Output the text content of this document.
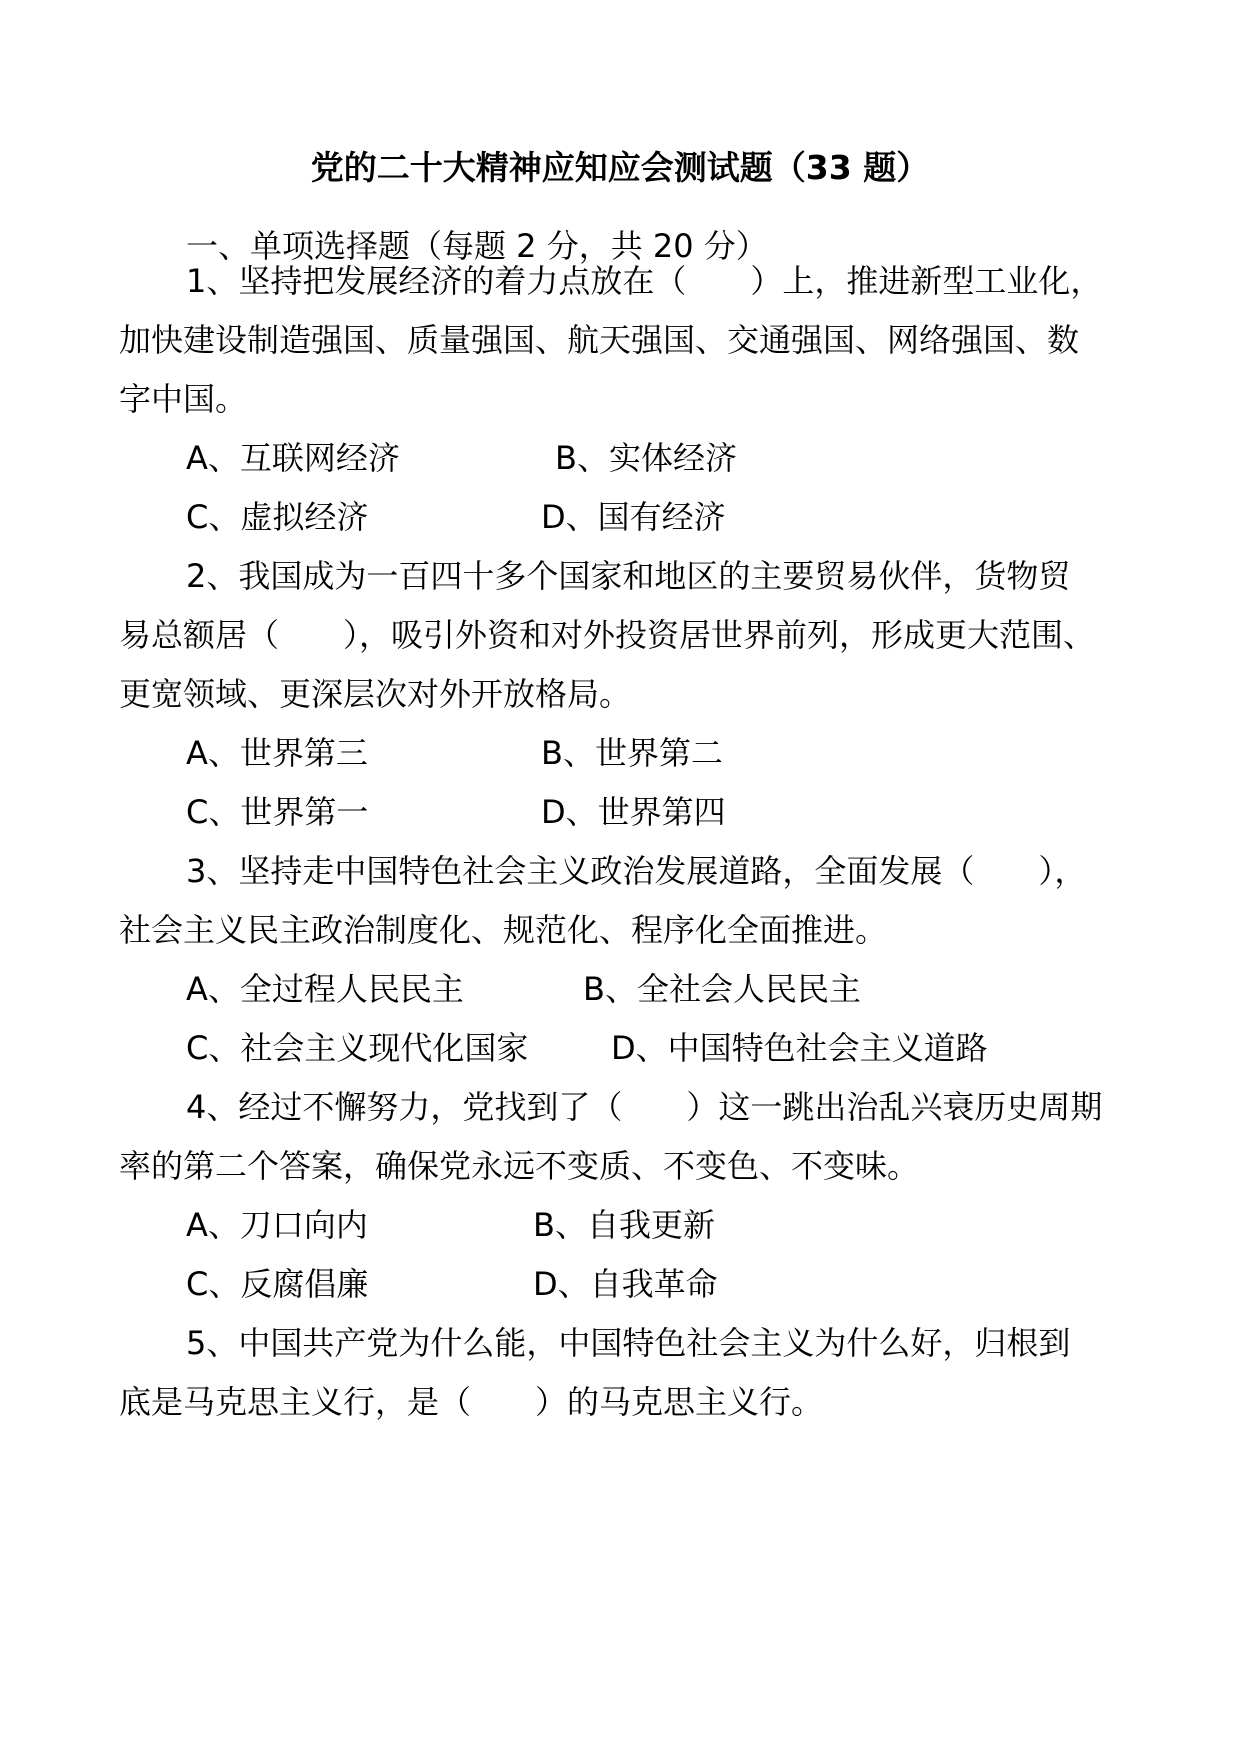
党的二十大精神应知应会测试题（33 题）
一、单项选择题（每题 2 分，共 20 分）
1、坚持把发展经济的着力点放在（　　）上，推进新型工业化，
加快建设制造强国、质量强国、航天强国、交通强国、网络强国、数
字中国。
A、互联网经济	B、实体经济
C、虚拟经济	D、国有经济
2、我国成为一百四十多个国家和地区的主要贸易伙伴，货物贸
易总额居（　　），吸引外资和对外投资居世界前列，形成更大范围、
更宽领域、更深层次对外开放格局。
A、世界第三	B、世界第二
C、世界第一	D、世界第四
3、坚持走中国特色社会主义政治发展道路，全面发展（　　），
社会主义民主政治制度化、规范化、程序化全面推进。
A、全过程人民民主	B、全社会人民民主
C、社会主义现代化国家	D、中国特色社会主义道路
4、经过不懈努力，党找到了（　　）这一跳出治乱兴衰历史周期
率的第二个答案，确保党永远不变质、不变色、不变味。
A、刀口向内	B、自我更新
C、反腐倡廉	D、自我革命
5、中国共产党为什么能，中国特色社会主义为什么好，归根到
底是马克思主义行，是（　　）的马克思主义行。
